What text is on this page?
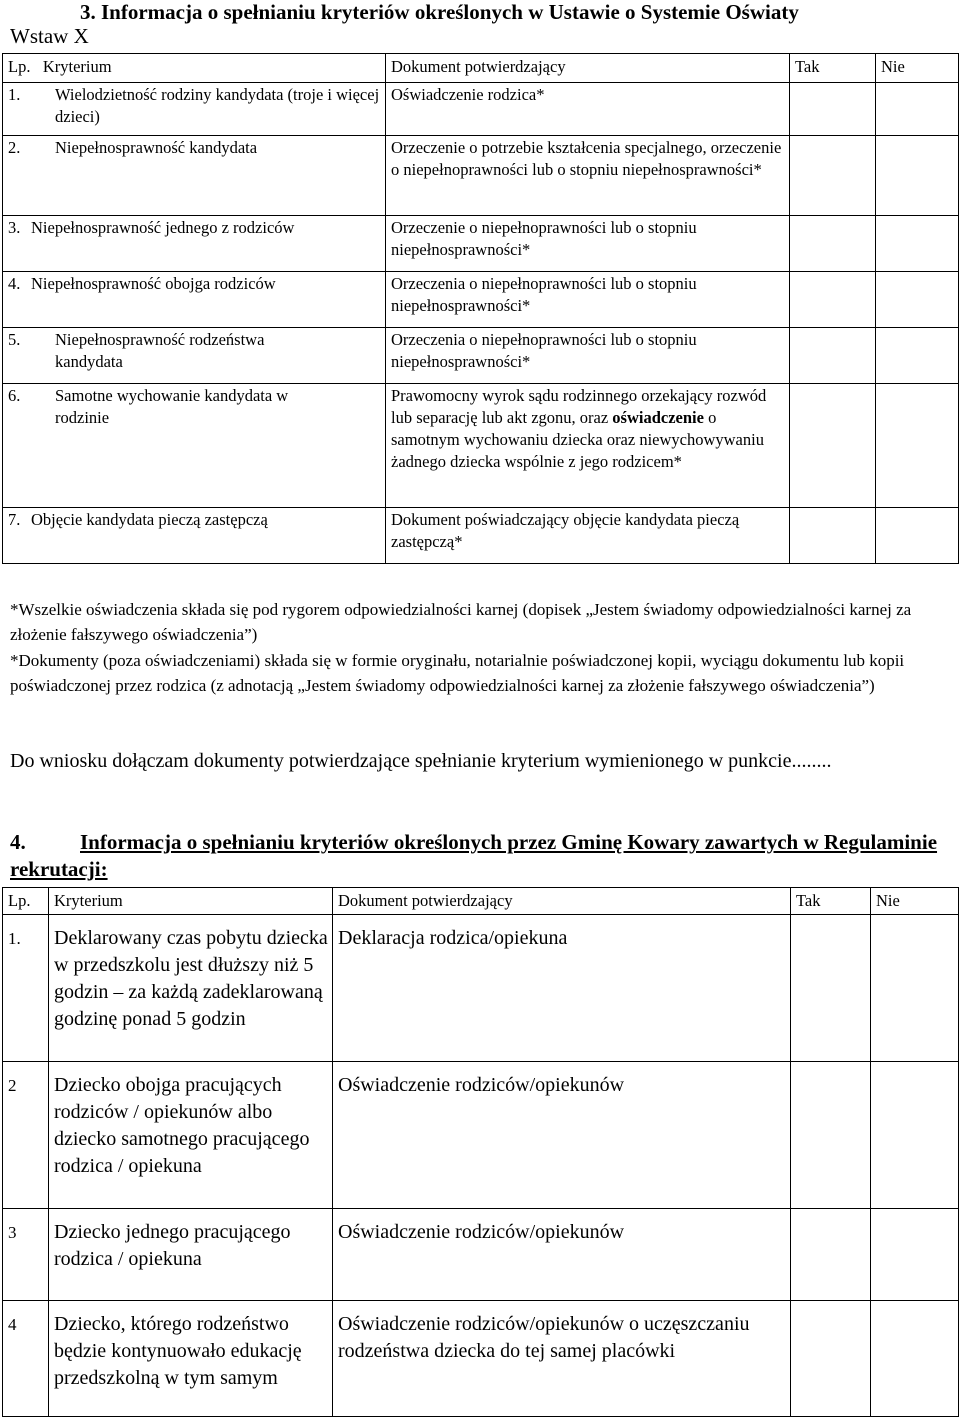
3. Informacja o spełnianiu kryteriów określonych w Ustawie o Systemie Oświaty
Wstaw X
Lp. Kryterium	Dokument potwierdzający	Tak	Nie

1. Wielodzietność rodziny kandydata (troje i więcej dzieci)	Oświadczenie rodzica*		

2. Niepełnosprawność kandydata	Orzeczenie o potrzebie kształcenia specjalnego, orzeczenie o niepełnoprawności lub o stopniu niepełnosprawności*		

3. Niepełnosprawność jednego z rodziców	Orzeczenie o niepełnoprawności lub o stopniu niepełnosprawności*		

4. Niepełnosprawność obojga rodziców	Orzeczenia o niepełnoprawności lub o stopniu niepełnosprawności*		

5. Niepełnosprawność rodzeństwa kandydata	Orzeczenia o niepełnoprawności lub o stopniu niepełnosprawności*		

6. Samotne wychowanie kandydata w rodzinie	Prawomocny wyrok sądu rodzinnego orzekający rozwód lub separację lub akt zgonu, oraz oświadczenie o samotnym wychowaniu dziecka oraz niewychowywaniu żadnego dziecka wspólnie z jego rodzicem*		

7. Objęcie kandydata pieczą zastępczą	Dokument poświadczający objęcie kandydata pieczą zastępczą*		

*Wszelkie oświadczenia składa się pod rygorem odpowiedzialności karnej (dopisek „Jestem świadomy odpowiedzialności karnej za złożenie fałszywego oświadczenia”)

*Dokumenty (poza oświadczeniami) składa się w formie oryginału, notarialnie poświadczonej kopii, wyciągu dokumentu lub kopii poświadczonej przez rodzica (z adnotacją „Jestem świadomy odpowiedzialności karnej za złożenie fałszywego oświadczenia”)

Do wniosku dołączam dokumenty potwierdzające spełnianie kryterium wymienionego w punkcie........

4.	Informacja o spełnianiu kryteriów określonych przez Gminę Kowary zawartych w Regulaminie rekrutacji:

Lp.	Kryterium	Dokument potwierdzający	Tak	Nie
1.	Deklarowany czas pobytu dziecka w przedszkolu jest dłuższy niż 5 godzin – za każdą zadeklarowaną godzinę ponad 5 godzin	Deklaracja rodzica/opiekuna		
2	Dziecko obojga pracujących rodziców / opiekunów albo dziecko samotnego pracującego rodzica / opiekuna	Oświadczenie rodziców/opiekunów		
3	Dziecko jednego pracującego rodzica / opiekuna	Oświadczenie rodziców/opiekunów		
4	Dziecko, którego rodzeństwo będzie kontynuowało edukację przedszkolną w tym samym	Oświadczenie rodziców/opiekunów o uczęszczaniu rodzeństwa dziecka do tej samej placówki		
